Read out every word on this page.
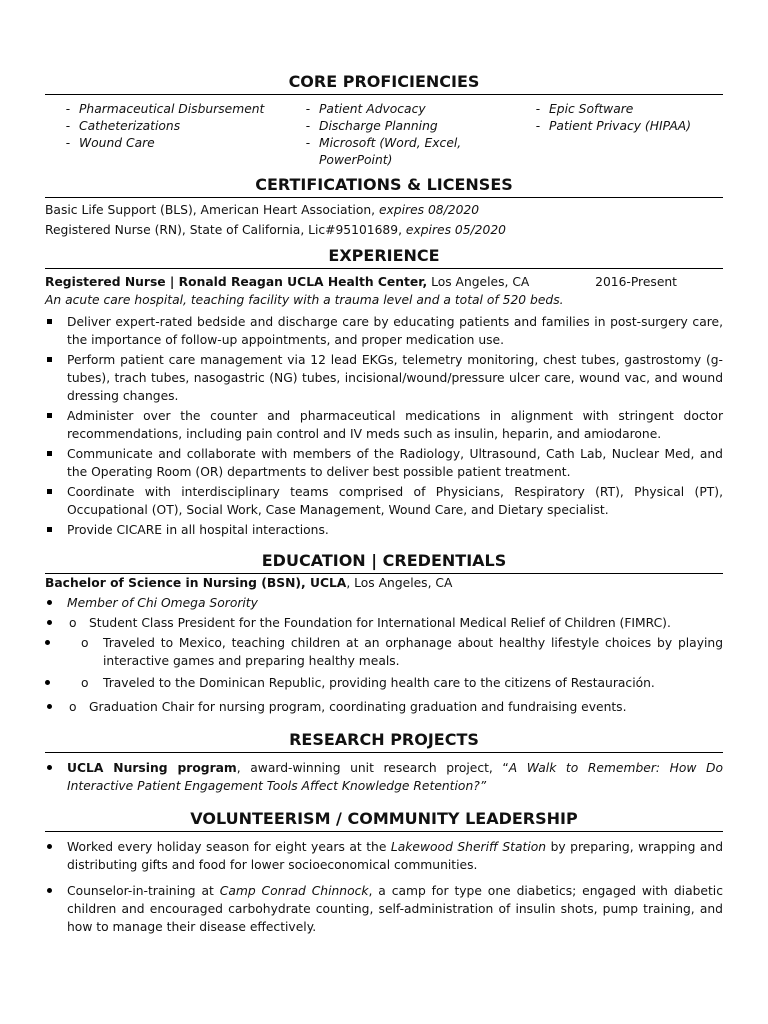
CORE PROFICIENCIES
- Pharmaceutical Disbursement
- Catheterizations
- Wound Care
- Patient Advocacy
- Discharge Planning
- Microsoft (Word, Excel, PowerPoint)
- Epic Software
- Patient Privacy (HIPAA)
CERTIFICATIONS & LICENSES
Basic Life Support (BLS), American Heart Association, expires 08/2020
Registered Nurse (RN), State of California, Lic#95101689, expires 05/2020
EXPERIENCE
Registered Nurse | Ronald Reagan UCLA Health Center, Los Angeles, CA	2016-Present
An acute care hospital, teaching facility with a trauma level and a total of 520 beds.
Deliver expert-rated bedside and discharge care by educating patients and families in post-surgery care, the importance of follow-up appointments, and proper medication use.
Perform patient care management via 12 lead EKGs, telemetry monitoring, chest tubes, gastrostomy (g-tubes), trach tubes, nasogastric (NG) tubes, incisional/wound/pressure ulcer care, wound vac, and wound dressing changes.
Administer over the counter and pharmaceutical medications in alignment with stringent doctor recommendations, including pain control and IV meds such as insulin, heparin, and amiodarone.
Communicate and collaborate with members of the Radiology, Ultrasound, Cath Lab, Nuclear Med, and the Operating Room (OR) departments to deliver best possible patient treatment.
Coordinate with interdisciplinary teams comprised of Physicians, Respiratory (RT), Physical (PT), Occupational (OT), Social Work, Case Management, Wound Care, and Dietary specialist.
Provide CICARE in all hospital interactions.
EDUCATION | CREDENTIALS
Bachelor of Science in Nursing (BSN), UCLA, Los Angeles, CA
Member of Chi Omega Sorority
o Student Class President for the Foundation for International Medical Relief of Children (FIMRC).
o Traveled to Mexico, teaching children at an orphanage about healthy lifestyle choices by playing interactive games and preparing healthy meals.
o Traveled to the Dominican Republic, providing health care to the citizens of Restauración.
o Graduation Chair for nursing program, coordinating graduation and fundraising events.
RESEARCH PROJECTS
UCLA Nursing program, award-winning unit research project, “A Walk to Remember: How Do Interactive Patient Engagement Tools Affect Knowledge Retention?”
VOLUNTEERISM / COMMUNITY LEADERSHIP
Worked every holiday season for eight years at the Lakewood Sheriff Station by preparing, wrapping and distributing gifts and food for lower socioeconomical communities.
Counselor-in-training at Camp Conrad Chinnock, a camp for type one diabetics; engaged with diabetic children and encouraged carbohydrate counting, self-administration of insulin shots, pump training, and how to manage their disease effectively.
